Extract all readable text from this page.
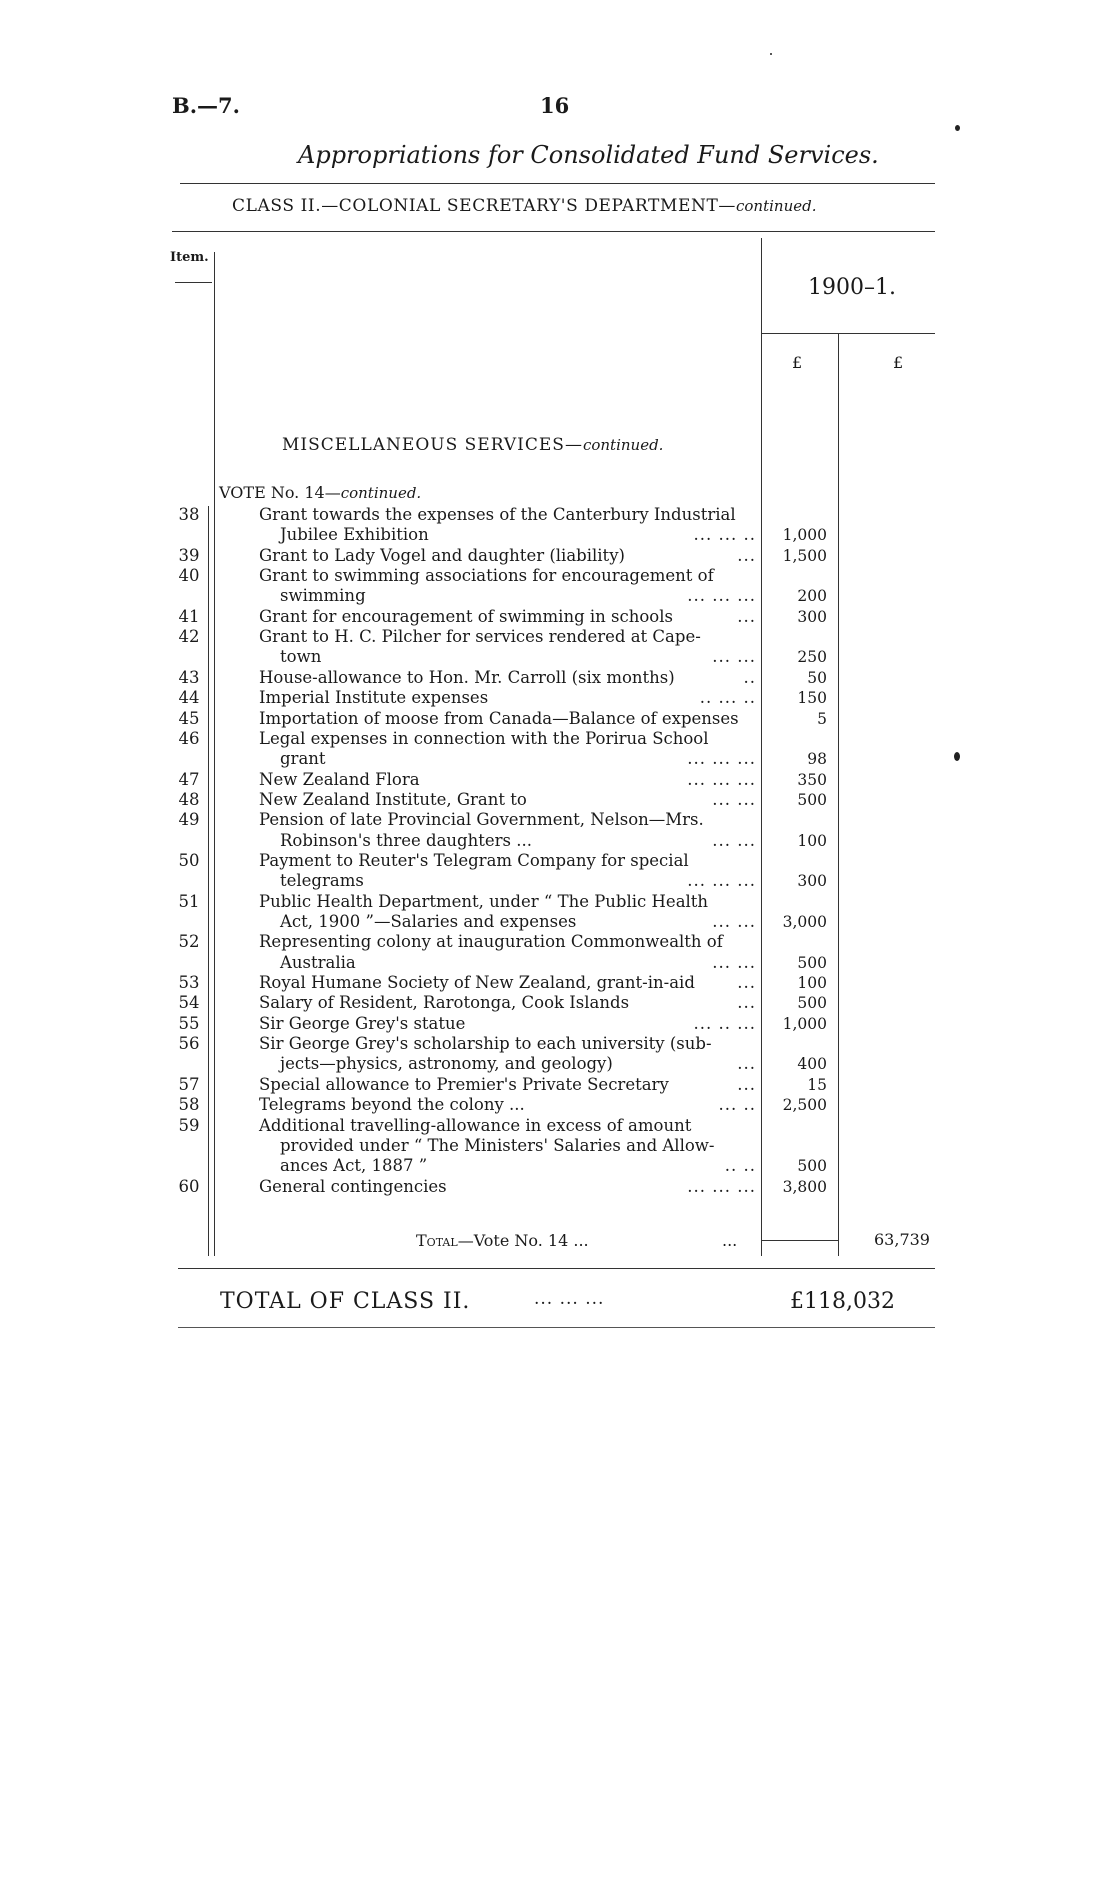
B.—7.	16
Appropriations for Consolidated Fund Services.
CLASS II.—COLONIAL SECRETARY'S DEPARTMENT—continued.
Item.
1900–1.
£	£
MISCELLANEOUS SERVICES—continued.
VOTE No. 14—continued.
38	Grant towards the expenses of the Canterbury Industrial
Jubilee Exhibition	... ... ..	1,000
39	Grant to Lady Vogel and daughter (liability)	...	1,500
40	Grant to swimming associations for encouragement of
swimming	... ... ...	200
41	Grant for encouragement of swimming in schools	...	300
42	Grant to H. C. Pilcher for services rendered at Cape-
town	... ...	250
43	House-allowance to Hon. Mr. Carroll (six months)	..	50
44	Imperial Institute expenses	.. ... ..	150
45	Importation of moose from Canada—Balance of expenses	5
46	Legal expenses in connection with the Porirua School
grant	... ... ...	98
47	New Zealand Flora	... ... ...	350
48	New Zealand Institute, Grant to	... ...	500
49	Pension of late Provincial Government, Nelson—Mrs.
Robinson's three daughters ...	... ...	100
50	Payment to Reuter's Telegram Company for special
telegrams	... ... ...	300
51	Public Health Department, under “ The Public Health
Act, 1900 ”—Salaries and expenses	... ...	3,000
52	Representing colony at inauguration Commonwealth of
Australia	... ...	500
53	Royal Humane Society of New Zealand, grant-in-aid	...	100
54	Salary of Resident, Rarotonga, Cook Islands	...	500
55	Sir George Grey's statue	... .. ...	1,000
56	Sir George Grey's scholarship to each university (sub-
jects—physics, astronomy, and geology)	...	400
57	Special allowance to Premier's Private Secretary	...	15
58	Telegrams beyond the colony ...	... ..	2,500
59	Additional travelling-allowance in excess of amount
provided under “ The Ministers' Salaries and Allow-
ances Act, 1887 ”	.. ..	500
60	General contingencies	... ... ...	3,800
Total—Vote No. 14 ...	...	63,739
TOTAL OF CLASS II.	... ... ...	£118,032
